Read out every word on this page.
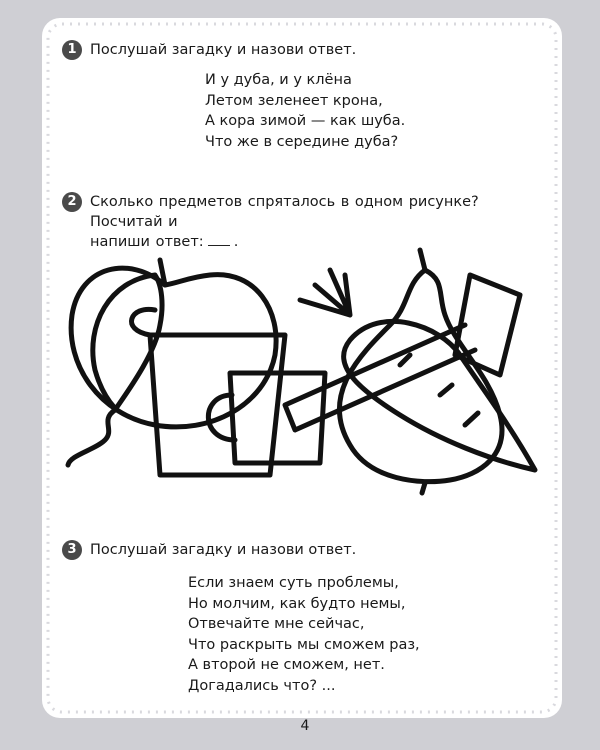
1 Послушай загадку и назови ответ.
И у дуба, и у клёна
Летом зеленеет крона,
А кора зимой — как шуба.
Что же в середине дуба?
2 Сколько предметов спряталось в одном рисунке? Посчитай и
напиши ответ: .
3 Послушай загадку и назови ответ.
Если знаем суть проблемы,
Но молчим, как будто немы,
Отвечайте мне сейчас,
Что раскрыть мы сможем раз,
А второй не сможем, нет.
Догадались что? ...
4
